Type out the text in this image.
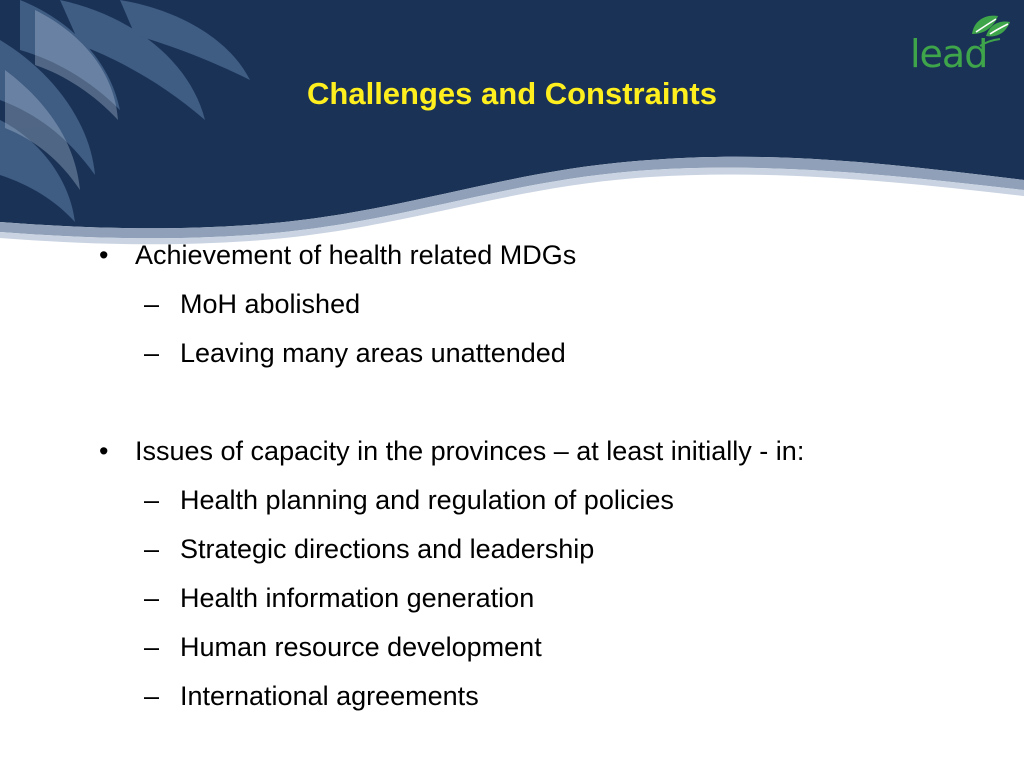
Challenges and Constraints
lead
• Achievement of health related MDGs
– MoH abolished
– Leaving many areas unattended
• Issues of capacity in the provinces – at least initially - in:
– Health planning and regulation of policies
– Strategic directions and leadership
– Health information generation
– Human resource development
– International agreements
